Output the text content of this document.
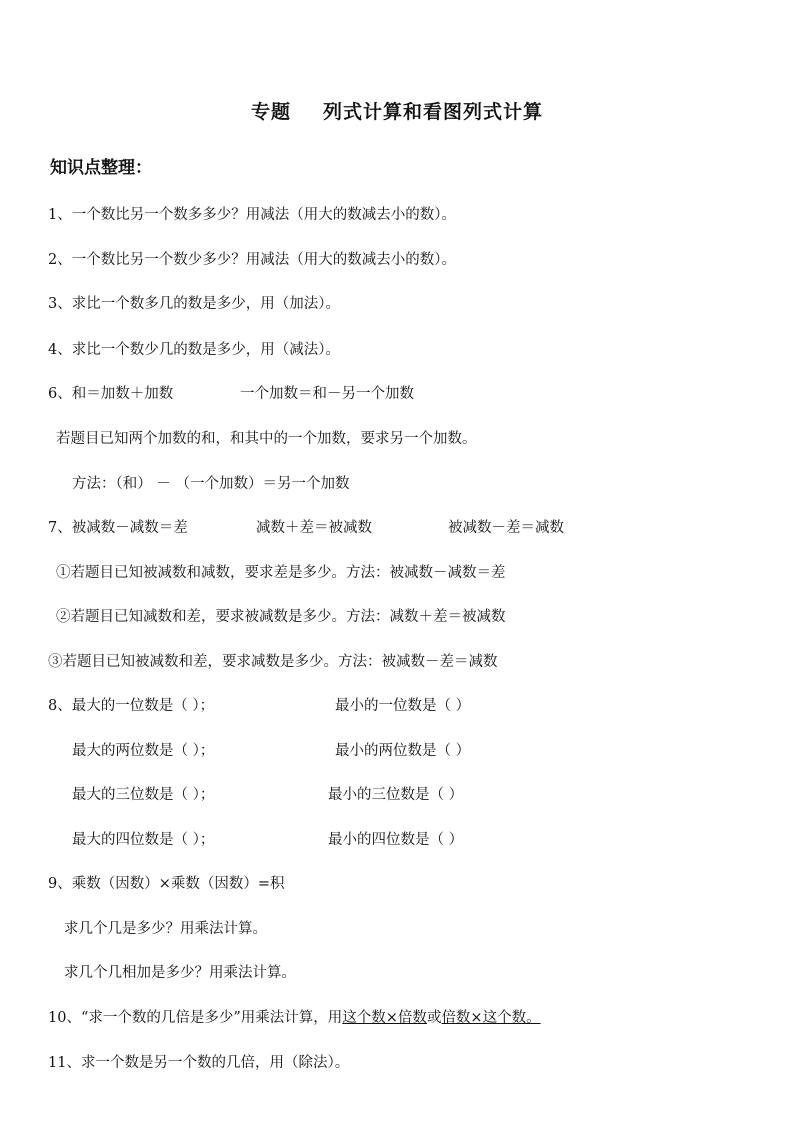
专题 列式计算和看图列式计算
知识点整理：
1、一个数比另一个数多多少？用减法（用大的数减去小的数）。
2、一个数比另一个数少多少？用减法（用大的数减去小的数）。
3、求比一个数多几的数是多少，用（加法）。
4、求比一个数少几的数是多少，用（减法）。
6、和＝加数＋加数	一个加数＝和－另一个加数
若题目已知两个加数的和，和其中的一个加数，要求另一个加数。
方法：（和） － （一个加数）＝另一个加数
7、被减数－减数＝差	减数＋差＝被减数	被减数－差＝减数
①若题目已知被减数和减数，要求差是多少。方法：被减数－减数＝差
②若题目已知减数和差，要求被减数是多少。方法：减数＋差＝被减数
③若题目已知被减数和差，要求减数是多少。方法：被减数－差＝减数
8、最大的一位数是（ ）；	最小的一位数是（ ）
最大的两位数是（ ）；	最小的两位数是（ ）
最大的三位数是（ ）；	最小的三位数是（ ）
最大的四位数是（ ）；	最小的四位数是（ ）
9、乘数（因数）×乘数（因数）=积
求几个几是多少？用乘法计算。
求几个几相加是多少？用乘法计算。
10、“求一个数的几倍是多少”用乘法计算，用这个数×倍数或倍数×这个数。
11、求一个数是另一个数的几倍，用（除法）。
